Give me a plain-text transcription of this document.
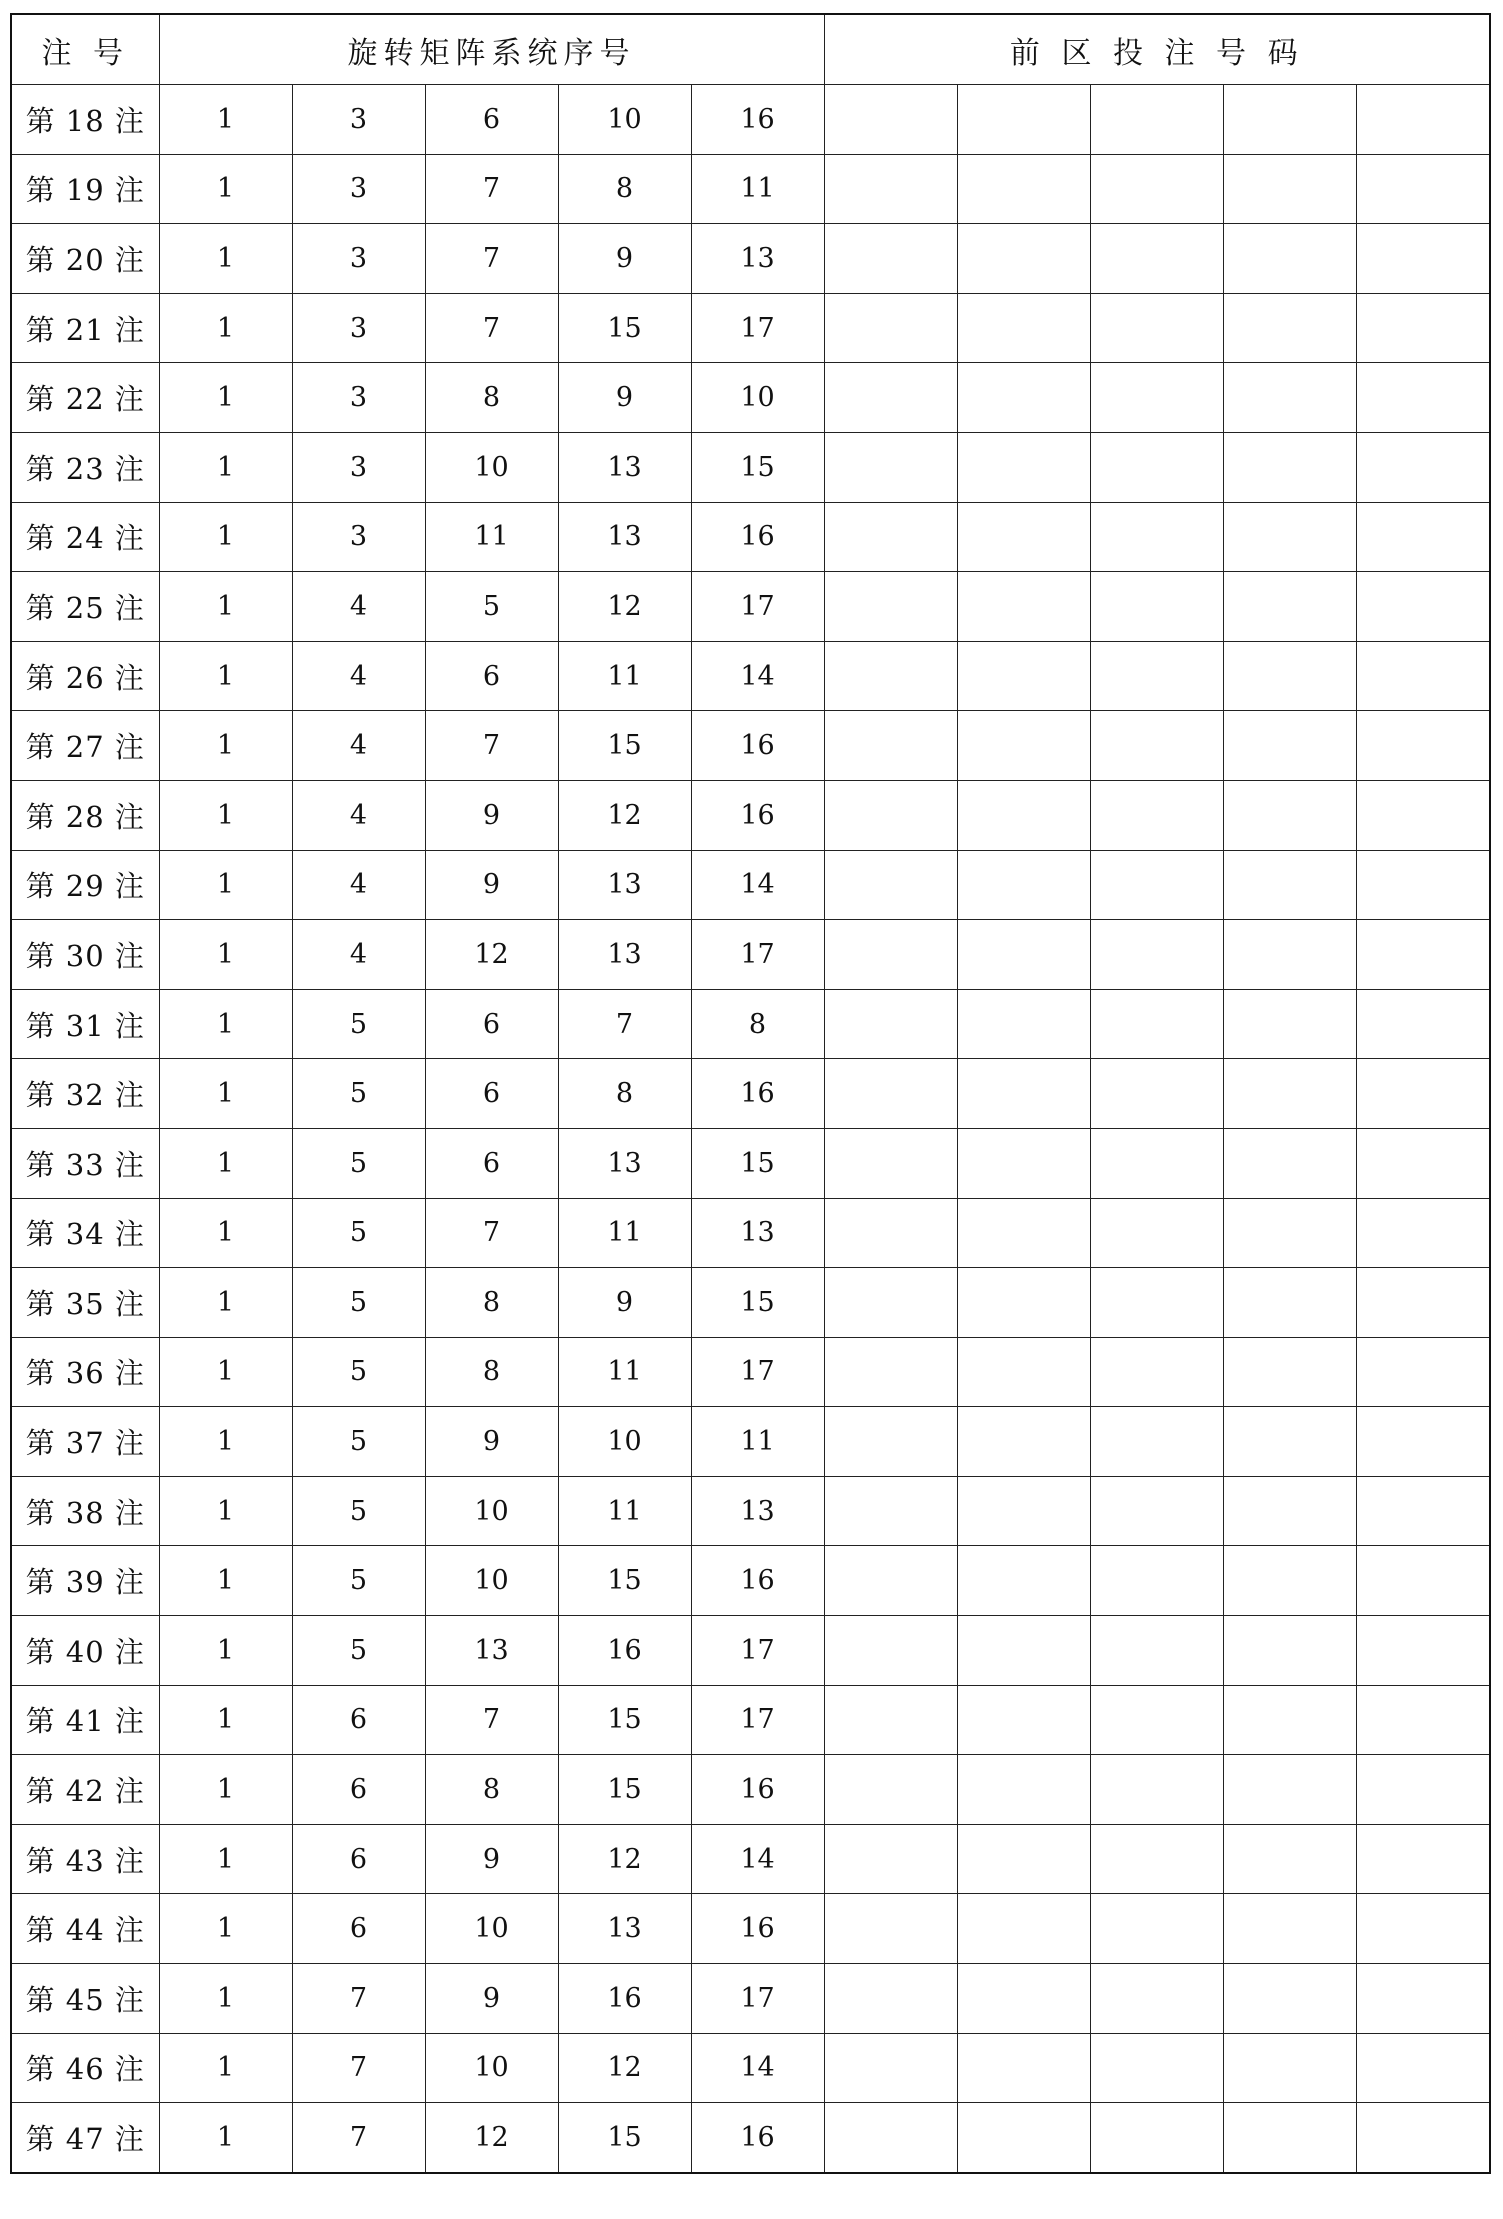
注 号	旋转矩阵系统序号					前 区 投 注 号 码				
第 18 注	1	3	6	10	16					
第 19 注	1	3	7	8	11					
第 20 注	1	3	7	9	13					
第 21 注	1	3	7	15	17					
第 22 注	1	3	8	9	10					
第 23 注	1	3	10	13	15					
第 24 注	1	3	11	13	16					
第 25 注	1	4	5	12	17					
第 26 注	1	4	6	11	14					
第 27 注	1	4	7	15	16					
第 28 注	1	4	9	12	16					
第 29 注	1	4	9	13	14					
第 30 注	1	4	12	13	17					
第 31 注	1	5	6	7	8					
第 32 注	1	5	6	8	16					
第 33 注	1	5	6	13	15					
第 34 注	1	5	7	11	13					
第 35 注	1	5	8	9	15					
第 36 注	1	5	8	11	17					
第 37 注	1	5	9	10	11					
第 38 注	1	5	10	11	13					
第 39 注	1	5	10	15	16					
第 40 注	1	5	13	16	17					
第 41 注	1	6	7	15	17					
第 42 注	1	6	8	15	16					
第 43 注	1	6	9	12	14					
第 44 注	1	6	10	13	16					
第 45 注	1	7	9	16	17					
第 46 注	1	7	10	12	14					
第 47 注	1	7	12	15	16					
